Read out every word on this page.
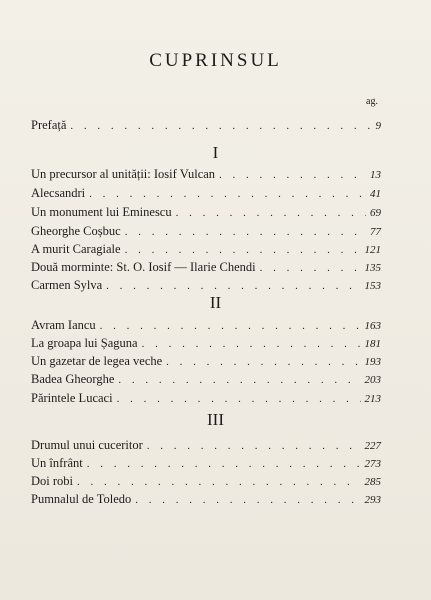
CUPRINSUL
ag.
Prefață . . .	9
I
Un precursor al unității: Iosif Vulcan . . .	13
Alecsandri . . .	41
Un monument lui Eminescu . . .	69
Gheorghe Coșbuc . . .	77
A murit Caragiale . . .	121
Două morminte: St. O. Iosif — Ilarie Chendi . . .	135
Carmen Sylva . . .	153
II
Avram Iancu . . .	163
La groapa lui Șaguna . . .	181
Un gazetar de legea veche . . .	193
Badea Gheorghe . . .	203
Părintele Lucaci . . .	213
III
Drumul unui cuceritor . . .	227
Un înfrânt . . .	273
Doi robi . . .	285
Pumnalul de Toledo . . .	293
